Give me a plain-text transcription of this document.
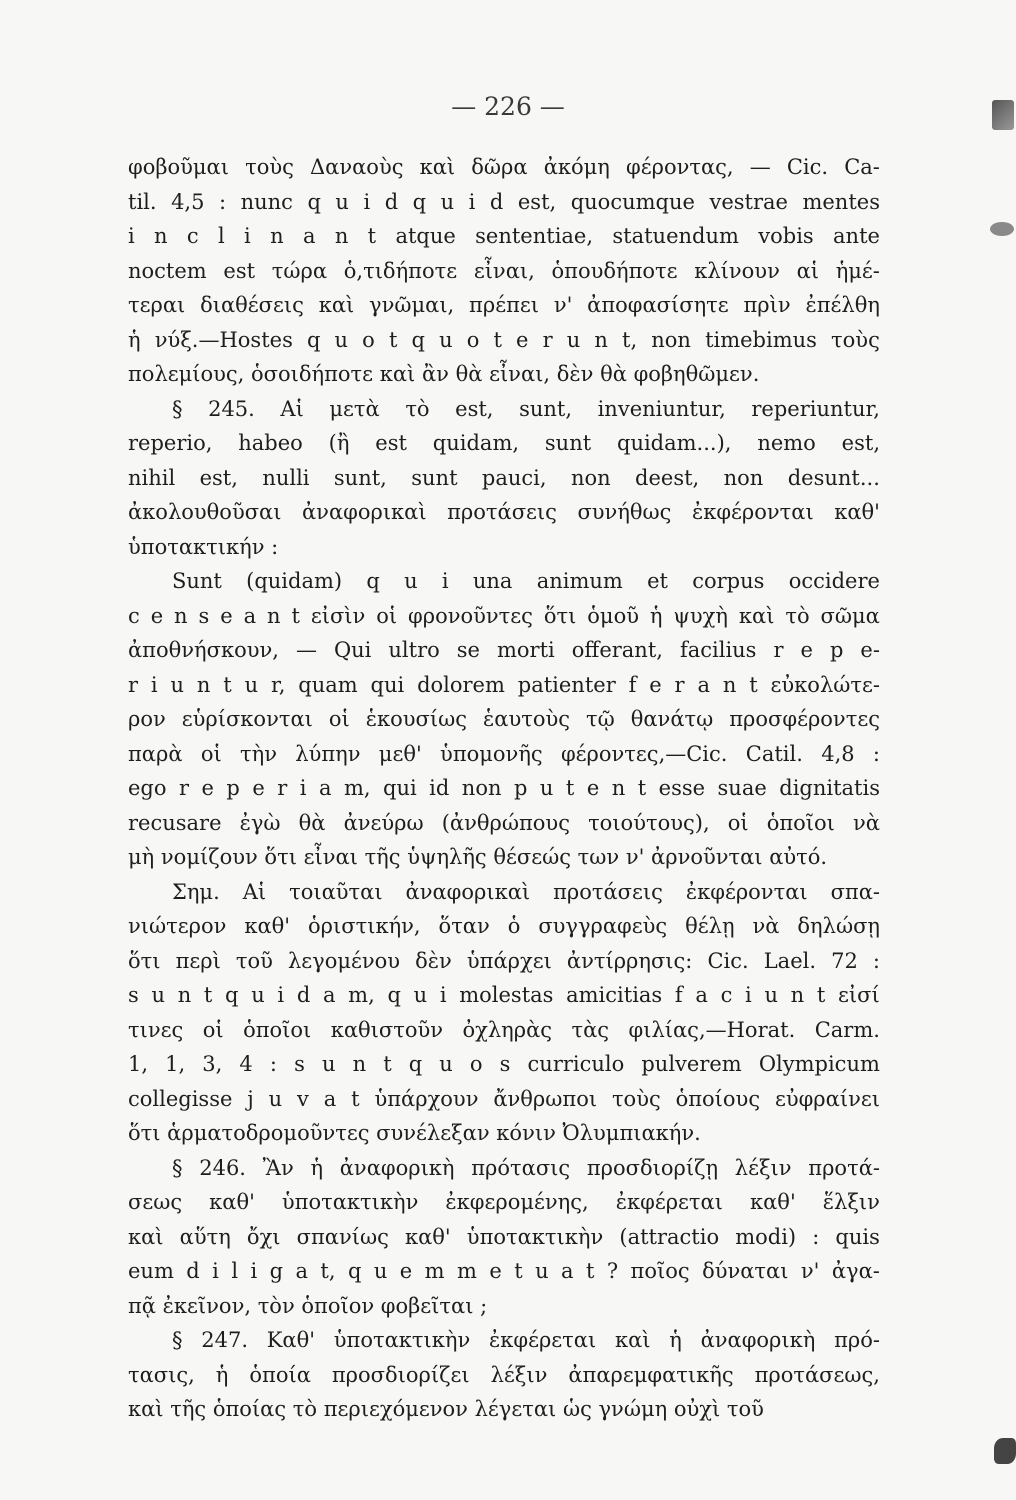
— 226 —
φοβοῦμαι τοὺς Δαναοὺς καὶ δῶρα ἀκόμη φέροντας, — Cic. Ca-
til. 4,5 : nunc q u i d q u i d est, quocumque vestrae mentes
i n c l i n a n t atque sententiae, statuendum vobis ante
noctem est τώρα ὁ,τιδήποτε εἶναι, ὁπουδήποτε κλίνουν αἱ ἡμέ-
τεραι διαθέσεις καὶ γνῶμαι, πρέπει ν' ἀποφασίσητε πρὶν ἐπέλθη
ἡ νύξ.—Hostes q u o t q u o t e r u n t, non timebimus τοὺς
πολεμίους, ὁσοιδήποτε καὶ ἂν θὰ εἶναι, δὲν θὰ φοβηθῶμεν.
§ 245. Αἱ μετὰ τὸ est, sunt, inveniuntur, reperiuntur,
reperio, habeo (ἢ est quidam, sunt quidam...), nemo est,
nihil est, nulli sunt, sunt pauci, non deest, non desunt...
ἀκολουθοῦσαι ἀναφορικαὶ προτάσεις συνήθως ἐκφέρονται καθ'
ὑποτακτικήν :
Sunt (quidam) q u i una animum et corpus occidere
c e n s e a n t εἰσὶν οἱ φρονοῦντες ὅτι ὁμοῦ ἡ ψυχὴ καὶ τὸ σῶμα
ἀποθνήσκουν, — Qui ultro se morti offerant, facilius r e p e-
r i u n t u r, quam qui dolorem patienter f e r a n t εὐκολώτε-
ρον εὑρίσκονται οἱ ἑκουσίως ἑαυτοὺς τῷ θανάτῳ προσφέροντες
παρὰ οἱ τὴν λύπην μεθ' ὑπομονῆς φέροντες,—Cic. Catil. 4,8 :
ego r e p e r i a m, qui id non p u t e n t esse suae dignitatis
recusare ἐγὼ θὰ ἀνεύρω (ἀνθρώπους τοιούτους), οἱ ὁποῖοι νὰ
μὴ νομίζουν ὅτι εἶναι τῆς ὑψηλῆς θέσεώς των ν' ἀρνοῦνται αὐτό.
Σημ. Αἱ τοιαῦται ἀναφορικαὶ προτάσεις ἐκφέρονται σπα-
νιώτερον καθ' ὁριστικήν, ὅταν ὁ συγγραφεὺς θέλῃ νὰ δηλώσῃ
ὅτι περὶ τοῦ λεγομένου δὲν ὑπάρχει ἀντίρρησις: Cic. Lael. 72 :
s u n t q u i d a m, q u i molestas amicitias f a c i u n t εἰσί
τινες οἱ ὁποῖοι καθιστοῦν ὀχληρὰς τὰς φιλίας,—Horat. Carm.
1, 1, 3, 4 : s u n t q u o s curriculo pulverem Olympicum
collegisse j u v a t ὑπάρχουν ἄνθρωποι τοὺς ὁποίους εὐφραίνει
ὅτι ἁρματοδρομοῦντες συνέλεξαν κόνιν Ὀλυμπιακήν.
§ 246. Ἂν ἡ ἀναφορικὴ πρότασις προσδιορίζῃ λέξιν προτά-
σεως καθ' ὑποτακτικὴν ἐκφερομένης, ἐκφέρεται καθ' ἕλξιν
καὶ αὕτη ὄχι σπανίως καθ' ὑποτακτικὴν (attractio modi) : quis
eum d i l i g a t, q u e m m e t u a t ? ποῖος δύναται ν' ἀγα-
πᾷ ἐκεῖνον, τὸν ὁποῖον φοβεῖται ;
§ 247. Καθ' ὑποτακτικὴν ἐκφέρεται καὶ ἡ ἀναφορικὴ πρό-
τασις, ἡ ὁποία προσδιορίζει λέξιν ἀπαρεμφατικῆς προτάσεως,
καὶ τῆς ὁποίας τὸ περιεχόμενον λέγεται ὡς γνώμη οὐχὶ τοῦ
